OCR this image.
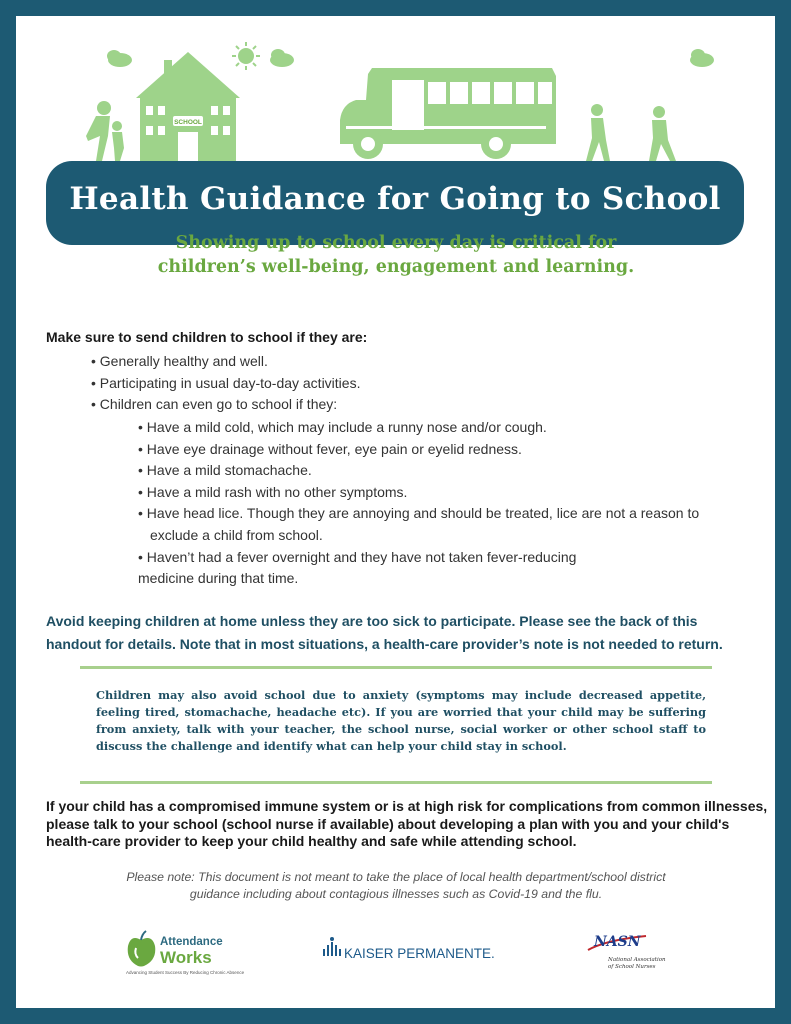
SCHOOL
Health Guidance for Going to School
Showing up to school every day is critical for
children’s well-being, engagement and learning.
Make sure to send children to school if they are:
• Generally healthy and well.
• Participating in usual day-to-day activities.
• Children can even go to school if they:
• Have a mild cold, which may include a runny nose and/or cough.
• Have eye drainage without fever, eye pain or eyelid redness.
• Have a mild stomachache.
• Have a mild rash with no other symptoms.
• Have head lice. Though they are annoying and should be treated, lice are not a reason to
exclude a child from school.
• Haven’t had a fever overnight and they have not taken fever-reducing
medicine during that time.
Avoid keeping children at home unless they are too sick to participate. Please see the back of this handout for details. Note that in most situations, a health-care provider’s note is not needed to return.
Children may also avoid school due to anxiety (symptoms may include decreased appetite, feeling tired, stomachache, headache etc). If you are worried that your child may be suffering from anxiety, talk with your teacher, the school nurse, social worker or other school staff to discuss the challenge and identify what can help your child stay in school.
If your child has a compromised immune system or is at high risk for complications from common illnesses, please talk to your school (school nurse if available) about developing a plan with you and your child's health-care provider to keep your child healthy and safe while attending school.
Please note: This document is not meant to take the place of local health department/school district
guidance including about contagious illnesses such as Covid-19 and the flu.
Attendance
Works
Advancing Student Success By Reducing Chronic Absence
KAISER PERMANENTE.
NASN
National Association of School Nurses
